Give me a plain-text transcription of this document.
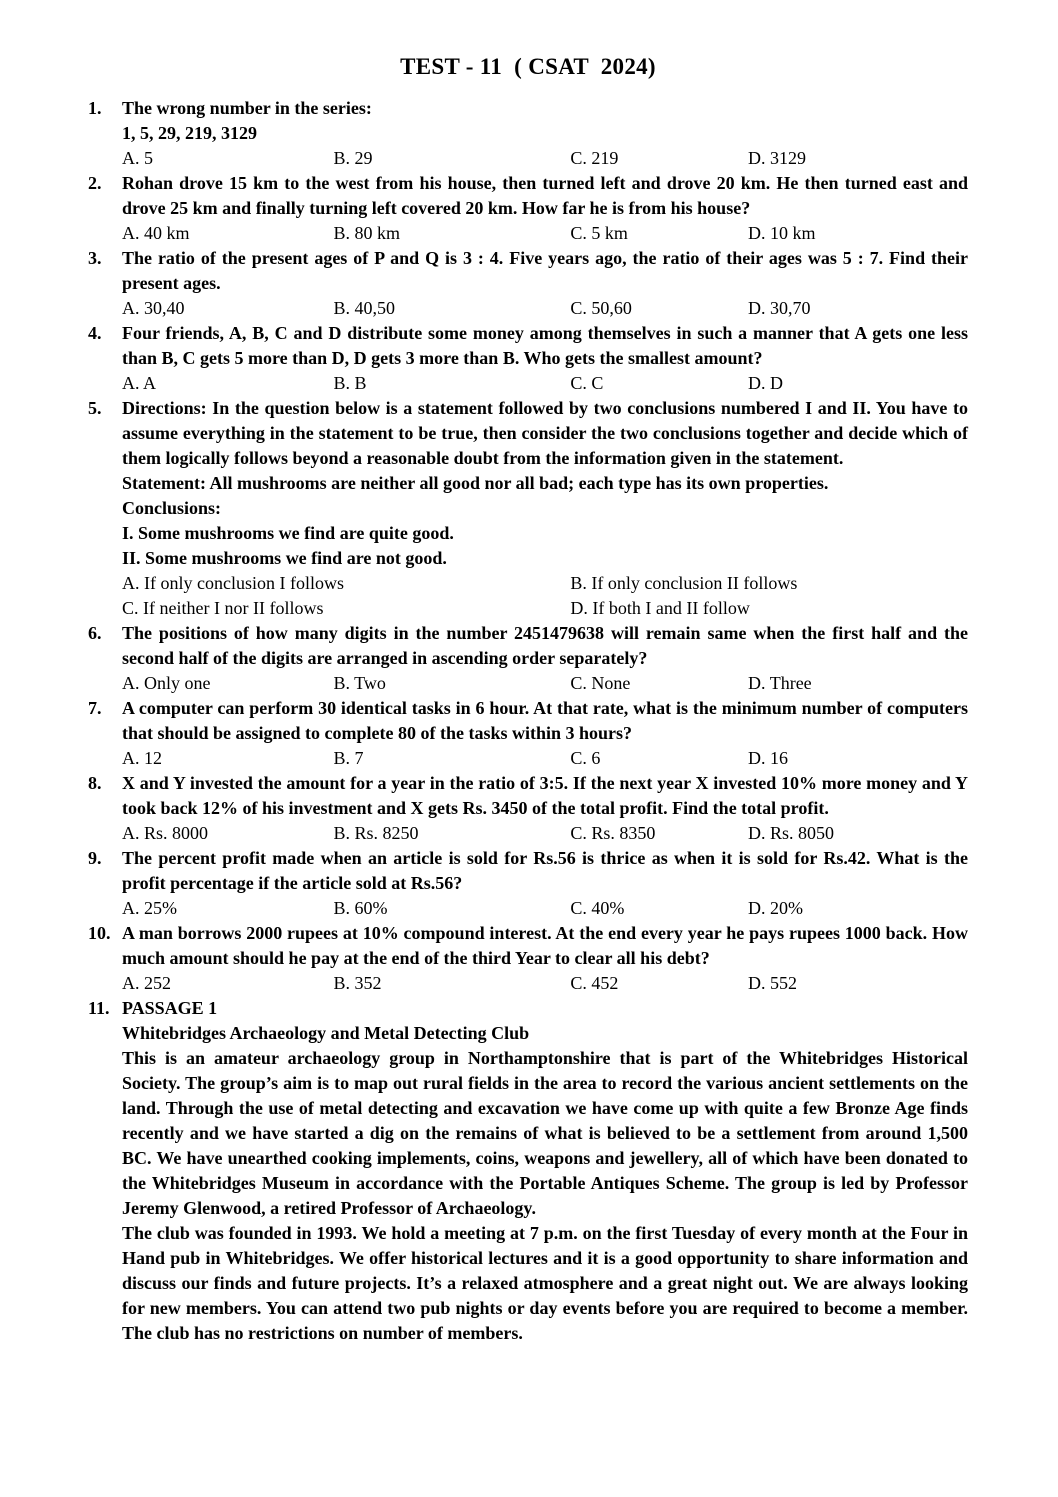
TEST - 11  ( CSAT  2024)
1.	The wrong number in the series:
1, 5, 29, 219, 3129
A. 5	B. 29	C. 219	D. 3129
2.	Rohan drove 15 km to the west from his house, then turned left and drove 20 km. He then turned east and drove 25 km and finally turning left covered 20 km. How far he is from his house?
A. 40 km	B. 80 km	C. 5 km	D. 10 km
3.	The ratio of the present ages of P and Q is 3 : 4. Five years ago, the ratio of their ages was 5 : 7. Find their present ages.
A. 30,40	B. 40,50	C. 50,60	D. 30,70
4.	Four friends, A, B, C and D distribute some money among themselves in such a manner that A gets one less than B, C gets 5 more than D, D gets 3 more than B. Who gets the smallest amount?
A. A	B. B	C. C	D. D
5.	Directions: In the question below is a statement followed by two conclusions numbered I and II. You have to assume everything in the statement to be true, then consider the two conclusions together and decide which of them logically follows beyond a reasonable doubt from the information given in the statement.
Statement: All mushrooms are neither all good nor all bad; each type has its own properties.
Conclusions:
I. Some mushrooms we find are quite good.
II. Some mushrooms we find are not good.
A. If only conclusion I follows	B. If only conclusion II follows
C. If neither I nor II follows	D. If both I and II follow
6.	The positions of how many digits in the number 2451479638 will remain same when the first half and the second half of the digits are arranged in ascending order separately?
A. Only one	B. Two	C. None	D. Three
7.	A computer can perform 30 identical tasks in 6 hour. At that rate, what is the minimum number of computers that should be assigned to complete 80 of the tasks within 3 hours?
A. 12	B. 7	C. 6	D. 16
8.	X and Y invested the amount for a year in the ratio of 3:5. If the next year X invested 10% more money and Y took back 12% of his investment and X gets Rs. 3450 of the total profit. Find the total profit.
A. Rs. 8000	B. Rs. 8250	C. Rs. 8350	D. Rs. 8050
9.	The percent profit made when an article is sold for Rs.56 is thrice as when it is sold for Rs.42. What is the profit percentage if the article sold at Rs.56?
A. 25%	B. 60%	C. 40%	D. 20%
10. A man borrows 2000 rupees at 10% compound interest. At the end every year he pays rupees 1000 back. How much amount should he pay at the end of the third Year to clear all his debt?
A. 252	B. 352	C. 452	D. 552
11. PASSAGE 1
Whitebridges Archaeology and Metal Detecting Club
This is an amateur archaeology group in Northamptonshire that is part of the Whitebridges Historical Society. The group’s aim is to map out rural fields in the area to record the various ancient settlements on the land. Through the use of metal detecting and excavation we have come up with quite a few Bronze Age finds recently and we have started a dig on the remains of what is believed to be a settlement from around 1,500 BC. We have unearthed cooking implements, coins, weapons and jewellery, all of which have been donated to the Whitebridges Museum in accordance with the Portable Antiques Scheme. The group is led by Professor Jeremy Glenwood, a retired Professor of Archaeology.
The club was founded in 1993. We hold a meeting at 7 p.m. on the first Tuesday of every month at the Four in Hand pub in Whitebridges. We offer historical lectures and it is a good opportunity to share information and discuss our finds and future projects. It’s a relaxed atmosphere and a great night out. We are always looking for new members. You can attend two pub nights or day events before you are required to become a member. The club has no restrictions on number of members.
